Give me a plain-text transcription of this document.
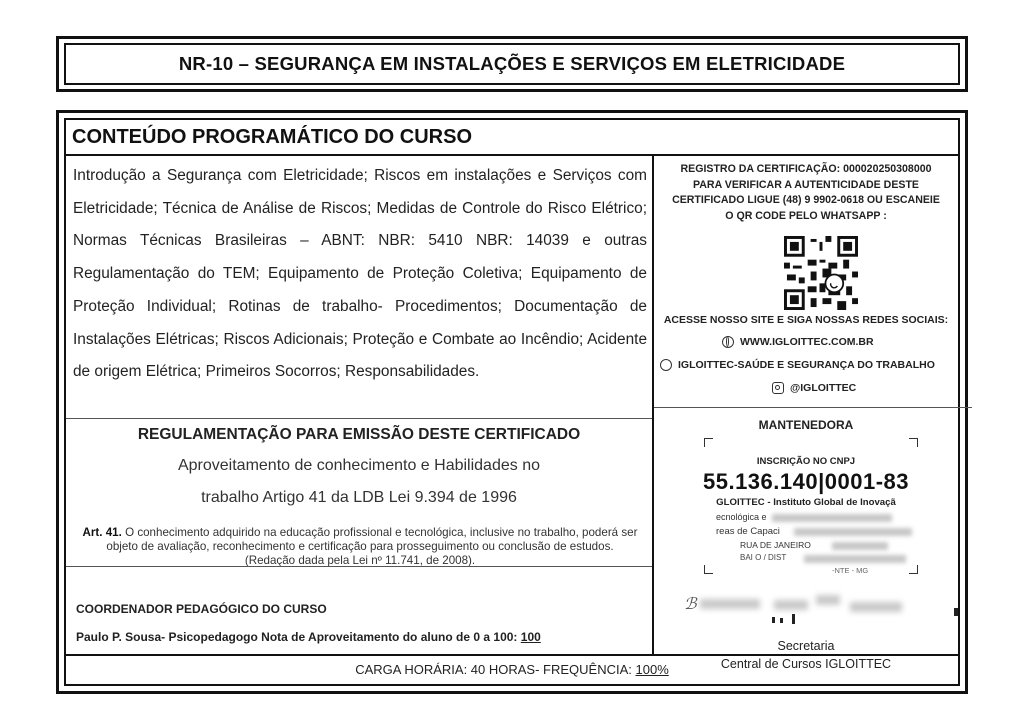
NR-10 – SEGURANÇA EM INSTALAÇÕES E SERVIÇOS EM ELETRICIDADE
CONTEÚDO PROGRAMÁTICO DO CURSO
Introdução a Segurança com Eletricidade; Riscos em instalações e Serviços com Eletricidade; Técnica de Análise de Riscos; Medidas de Controle do Risco Elétrico; Normas Técnicas Brasileiras – ABNT: NBR: 5410 NBR: 14039 e outras Regulamentação do TEM; Equipamento de Proteção Coletiva; Equipamento de Proteção Individual; Rotinas de trabalho- Procedimentos; Documentação de Instalações Elétricas; Riscos Adicionais; Proteção e Combate ao Incêndio; Acidente de origem Elétrica; Primeiros Socorros; Responsabilidades.
REGULAMENTAÇÃO PARA EMISSÃO DESTE CERTIFICADO
Aproveitamento de conhecimento e Habilidades no
trabalho Artigo 41 da LDB Lei 9.394 de 1996
Art. 41. O conhecimento adquirido na educação profissional e tecnológica, inclusive no trabalho, poderá ser objeto de avaliação, reconhecimento e certificação para prosseguimento ou conclusão de estudos. (Redação dada pela Lei nº 11.741, de 2008).
COORDENADOR PEDAGÓGICO DO CURSO
Paulo P. Sousa- Psicopedagogo Nota de Aproveitamento do aluno de 0 a 100: 100
REGISTRO DA CERTIFICAÇÃO: 000020250308000
PARA VERIFICAR A AUTENTICIDADE DESTE
CERTIFICADO LIGUE (48) 9 9902-0618 OU ESCANEIE
O QR CODE PELO WHATSAPP :
ACESSE NOSSO SITE E SIGA NOSSAS REDES SOCIAIS:
WWW.IGLOITTEC.COM.BR
IGLOITTEC-SAÚDE E SEGURANÇA DO TRABALHO
@IGLOITTEC
MANTENEDORA
INSCRIÇÃO NO CNPJ
55.136.140|0001-83
GLOITTEC - Instituto Global de Inovaçã
ecnológica e
reas de Capaci
RUA DE JANEIRO
BAI O / DIST
-NTE - MG
ℬ
Secretaria
Central de Cursos IGLOITTEC
CARGA HORÁRIA: 40 HORAS- FREQUÊNCIA: 100%
